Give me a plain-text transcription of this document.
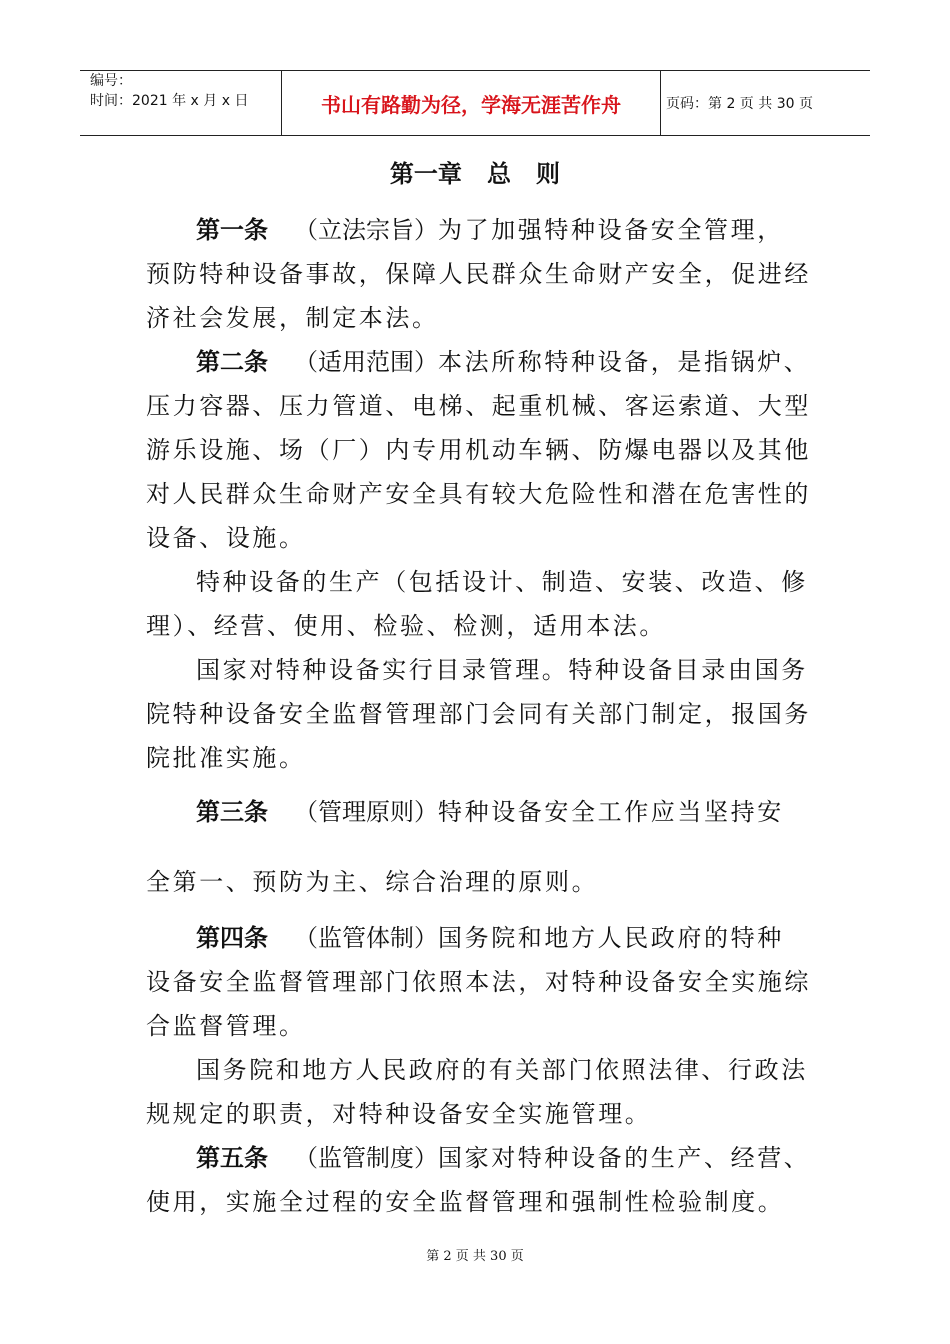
编号：
时间：2021 年 x 月 x 日	书山有路勤为径，学海无涯苦作舟	页码：第 2 页 共 30 页
第一章   总   则
第一条 （立法宗旨）为了加强特种设备安全管理，
预防特种设备事故，保障人民群众生命财产安全，促进经
济社会发展，制定本法。
第二条 （适用范围）本法所称特种设备，是指锅炉、
压力容器、压力管道、电梯、起重机械、客运索道、大型
游乐设施、场（厂）内专用机动车辆、防爆电器以及其他
对人民群众生命财产安全具有较大危险性和潜在危害性的
设备、设施。
特种设备的生产（包括设计、制造、安装、改造、修
理）、经营、使用、检验、检测，适用本法。
国家对特种设备实行目录管理。特种设备目录由国务
院特种设备安全监督管理部门会同有关部门制定，报国务
院批准实施。
第三条 （管理原则）特种设备安全工作应当坚持安
全第一、预防为主、综合治理的原则。
第四条 （监管体制）国务院和地方人民政府的特种
设备安全监督管理部门依照本法，对特种设备安全实施综
合监督管理。
国务院和地方人民政府的有关部门依照法律、行政法
规规定的职责，对特种设备安全实施管理。
第五条 （监管制度）国家对特种设备的生产、经营、
使用，实施全过程的安全监督管理和强制性检验制度。
第 2 页 共 30 页
